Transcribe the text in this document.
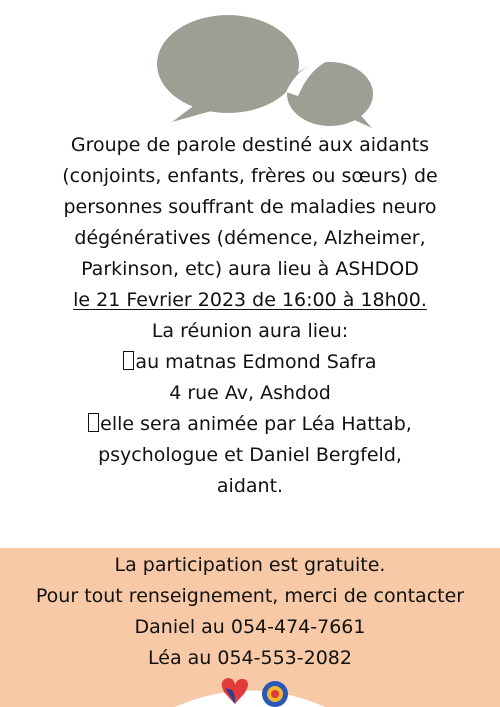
Groupe de parole destiné aux aidants

(conjoints, enfants, frères ou sœurs) de

personnes souffrant de maladies neuro

dégénératives (démence, Alzheimer,

Parkinson, etc) aura lieu à ASHDOD

le 21 Fevrier 2023 de 16:00 à 18h00.

La réunion aura lieu:

au matnas Edmond Safra

4 rue Av, Ashdod

elle sera animée par Léa Hattab,

psychologue et Daniel Bergfeld,

aidant.

La participation est gratuite.

Pour tout renseignement, merci de contacter

Daniel au 054-474-7661

Léa au 054-553-2082
